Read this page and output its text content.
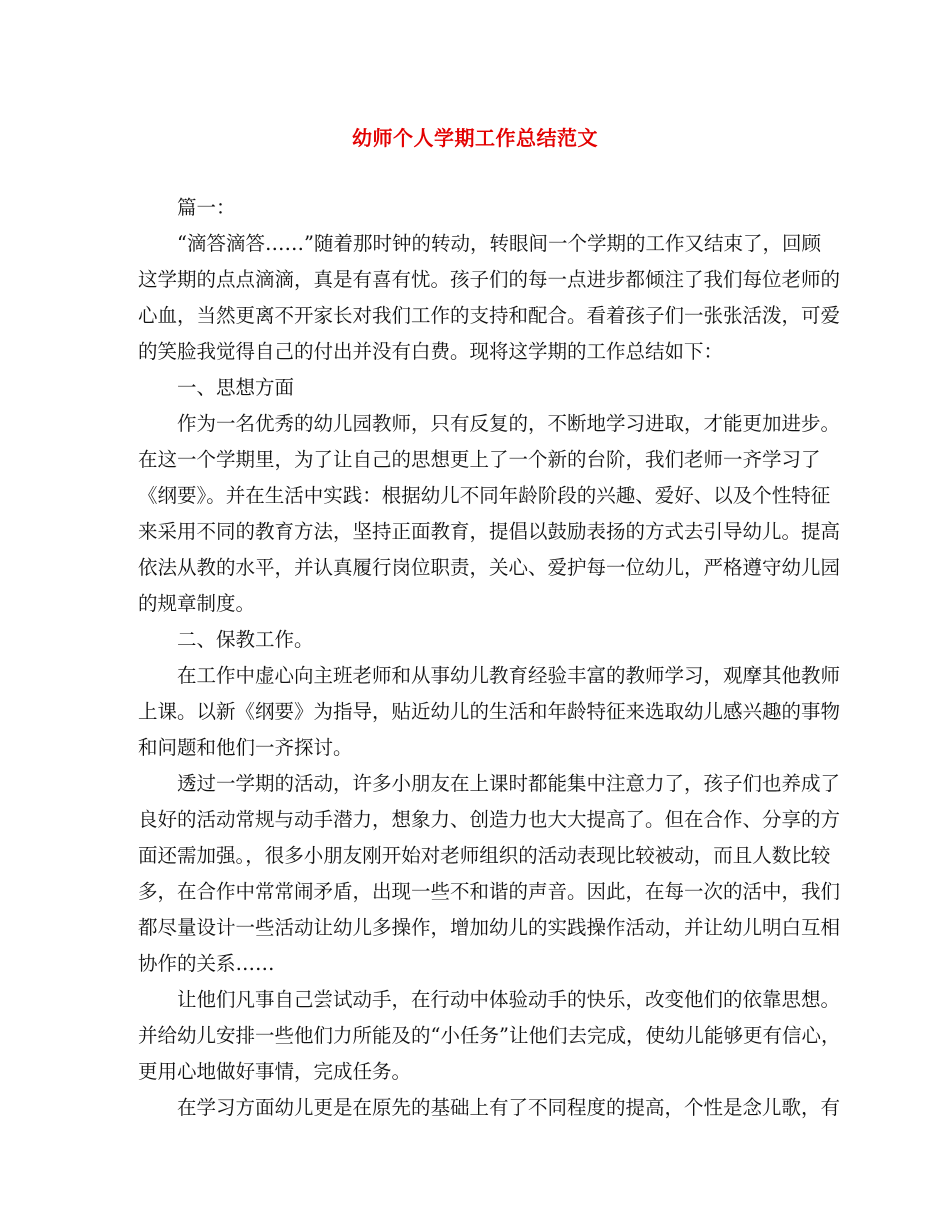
幼师个人学期工作总结范文
篇一：
“滴答滴答……”随着那时钟的转动，转眼间一个学期的工作又结束了，回顾
这学期的点点滴滴，真是有喜有忧。孩子们的每一点进步都倾注了我们每位老师的
心血，当然更离不开家长对我们工作的支持和配合。看着孩子们一张张活泼，可爱
的笑脸我觉得自己的付出并没有白费。现将这学期的工作总结如下：
一、思想方面
作为一名优秀的幼儿园教师，只有反复的，不断地学习进取，才能更加进步。
在这一个学期里，为了让自己的思想更上了一个新的台阶，我们老师一齐学习了
《纲要》。并在生活中实践：根据幼儿不同年龄阶段的兴趣、爱好、以及个性特征
来采用不同的教育方法，坚持正面教育，提倡以鼓励表扬的方式去引导幼儿。提高
依法从教的水平，并认真履行岗位职责，关心、爱护每一位幼儿，严格遵守幼儿园
的规章制度。
二、保教工作。
在工作中虚心向主班老师和从事幼儿教育经验丰富的教师学习，观摩其他教师
上课。以新《纲要》为指导，贴近幼儿的生活和年龄特征来选取幼儿感兴趣的事物
和问题和他们一齐探讨。
透过一学期的活动，许多小朋友在上课时都能集中注意力了，孩子们也养成了
良好的活动常规与动手潜力，想象力、创造力也大大提高了。但在合作、分享的方
面还需加强。，很多小朋友刚开始对老师组织的活动表现比较被动，而且人数比较
多，在合作中常常闹矛盾，出现一些不和谐的声音。因此，在每一次的活中，我们
都尽量设计一些活动让幼儿多操作，增加幼儿的实践操作活动，并让幼儿明白互相
协作的关系……
让他们凡事自己尝试动手，在行动中体验动手的快乐，改变他们的依靠思想。
并给幼儿安排一些他们力所能及的“小任务”让他们去完成，使幼儿能够更有信心，
更用心地做好事情，完成任务。
在学习方面幼儿更是在原先的基础上有了不同程度的提高，个性是念儿歌，有
